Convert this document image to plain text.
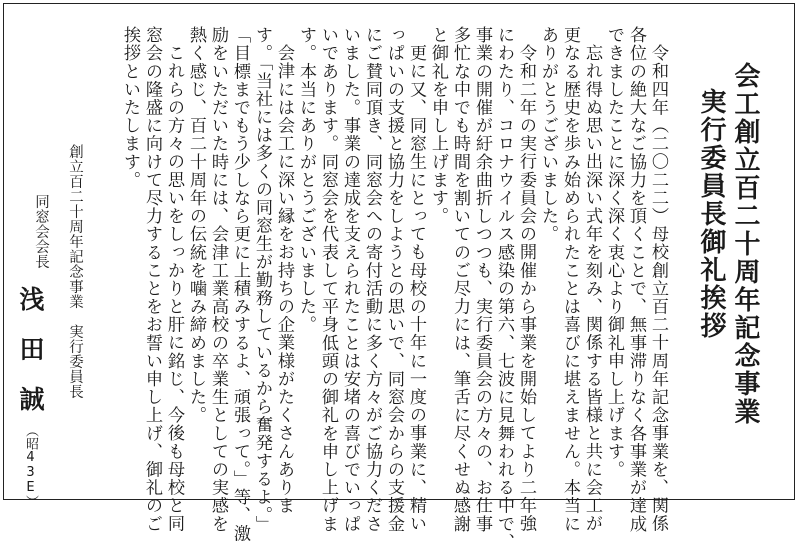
会工創立百二十周年記念事業
実行委員長御礼挨拶
令和四年（二〇二二）母校創立百二十周年記念事業を、関係
各位の絶大なご協力を頂くことで、無事滞りなく各事業が達成
できましたことに深く深く衷心より御礼申し上げます。
忘れ得ぬ思い出深い式年を刻み、関係する皆様と共に会工が
更なる歴史を歩み始められたことは喜びに堪えません。本当に
ありがとうございました。
令和二年の実行委員会の開催から事業を開始してより二年強
にわたり、コロナウイルス感染の第六、七波に見舞われる中で、
事業の開催が紆余曲折しつつも、実行委員会の方々の、お仕事
多忙な中でも時間を割いてのご尽力には、筆舌に尽くせぬ感謝
と御礼を申し上げます。
更に又、同窓生にとっても母校の十年に一度の事業に、精い
っぱいの支援と協力をしようとの思いで、同窓会からの支援金
にご賛同頂き、同窓会への寄付活動に多く方々がご協力くださ
いました。事業の達成を支えられたことは安堵の喜びでいっぱ
いであります。同窓会を代表して平身低頭の御礼を申し上げま
す。本当にありがとうございました。
会津には会工に深い縁をお持ちの企業様がたくさんありま
す。「当社には多くの同窓生が勤務しているから奮発するよ。」
「目標までもう少しなら更に上積みするよ、頑張って。」等、激
励をいただいた時には、会津工業高校の卒業生としての実感を
熱く感じ、百二十周年の伝統を噛み締めました。
これらの方々の思いをしっかりと肝に銘じ、今後も母校と同
窓会の隆盛に向けて尽力することをお誓い申し上げ、御礼のご
挨拶といたします。
創立百二十周年記念事業　実行委員長
同窓会会長
浅　田　誠
（昭43E）
